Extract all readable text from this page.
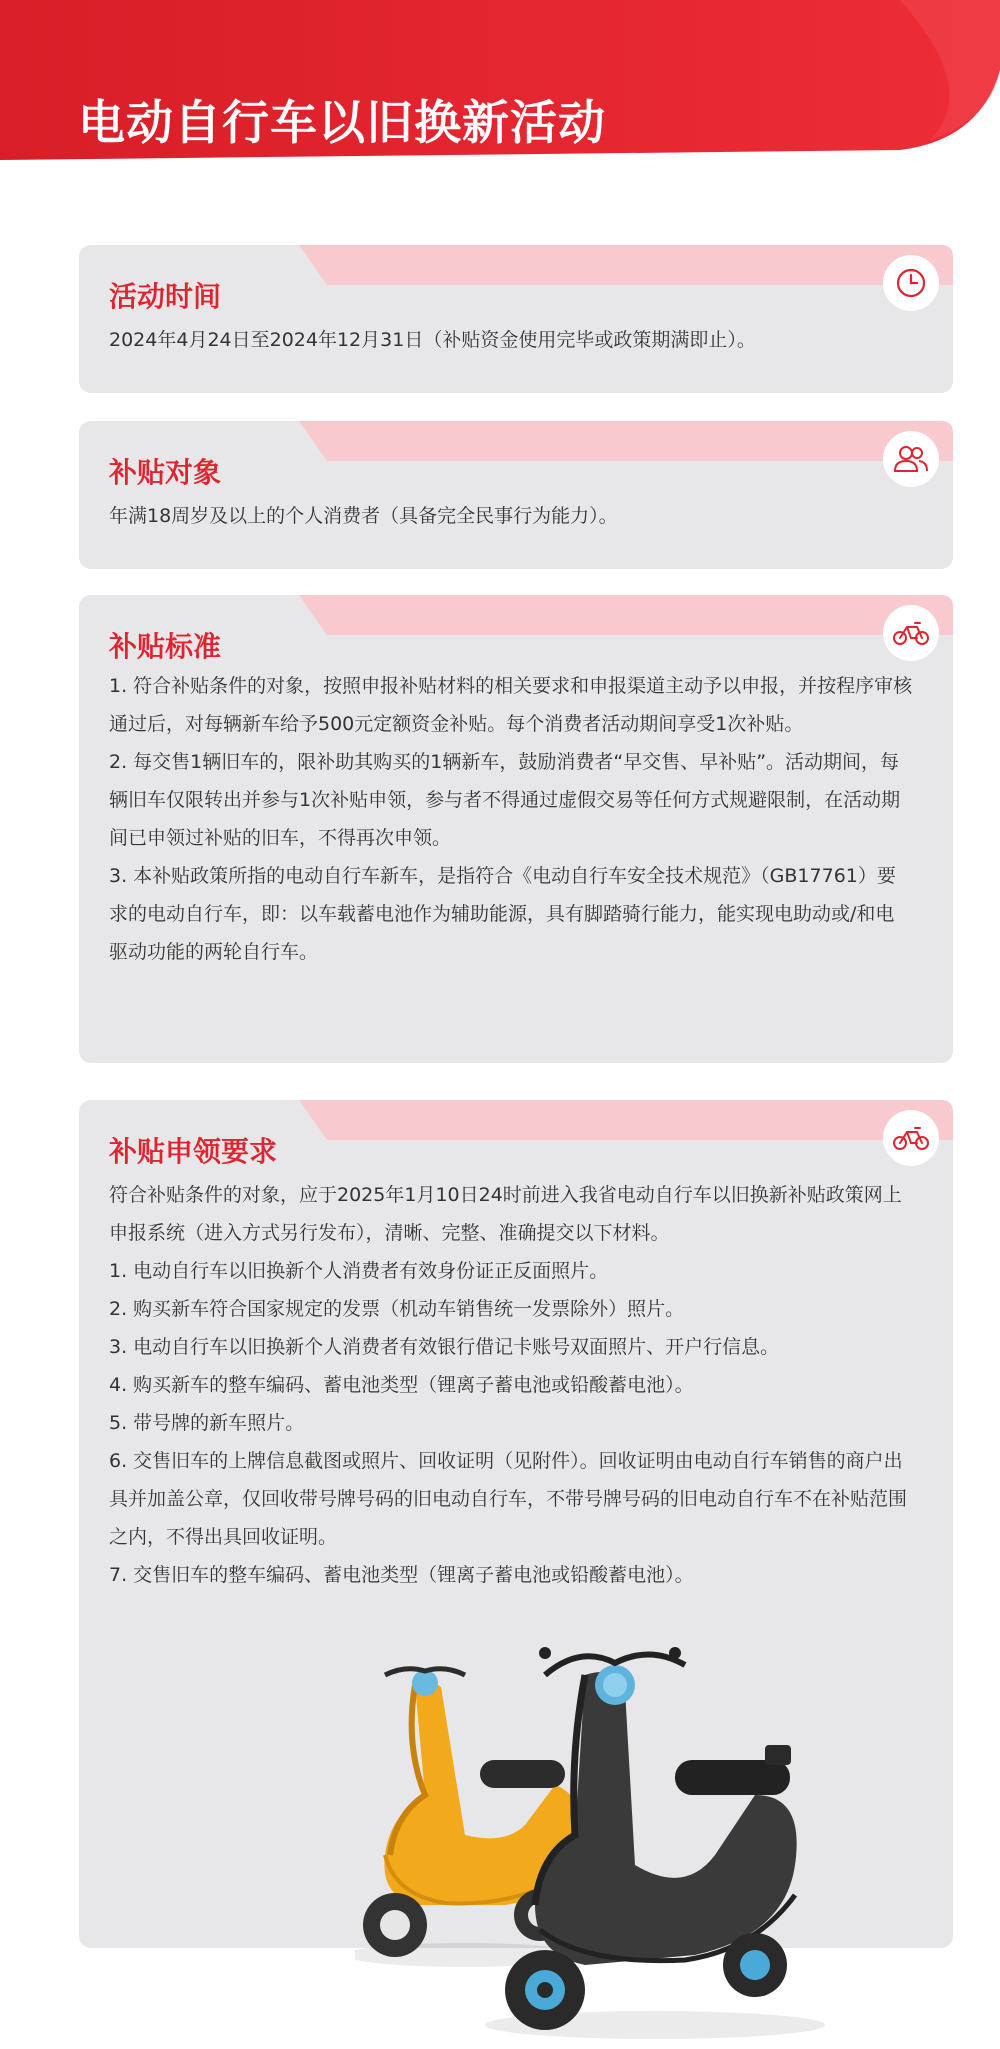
电动自行车以旧换新活动
活动时间

2024年4月24日至2024年12月31日（补贴资金使用完毕或政策期满即止）。

补贴对象

年满18周岁及以上的个人消费者（具备完全民事行为能力）。

补贴标准

1. 符合补贴条件的对象，按照申报补贴材料的相关要求和申报渠道主动予以申报，并按程序审核通过后，对每辆新车给予500元定额资金补贴。每个消费者活动期间享受1次补贴。

2. 每交售1辆旧车的，限补助其购买的1辆新车，鼓励消费者“早交售、早补贴”。活动期间，每辆旧车仅限转出并参与1次补贴申领，参与者不得通过虚假交易等任何方式规避限制，在活动期间已申领过补贴的旧车，不得再次申领。

3. 本补贴政策所指的电动自行车新车，是指符合《电动自行车安全技术规范》（GB17761）要求的电动自行车，即：以车载蓄电池作为辅助能源，具有脚踏骑行能力，能实现电助动或/和电驱动功能的两轮自行车。

补贴申领要求

符合补贴条件的对象，应于2025年1月10日24时前进入我省电动自行车以旧换新补贴政策网上申报系统（进入方式另行发布），清晰、完整、准确提交以下材料。

1. 电动自行车以旧换新个人消费者有效身份证正反面照片。

2. 购买新车符合国家规定的发票（机动车销售统一发票除外）照片。

3. 电动自行车以旧换新个人消费者有效银行借记卡账号双面照片、开户行信息。

4. 购买新车的整车编码、蓄电池类型（锂离子蓄电池或铅酸蓄电池）。

5. 带号牌的新车照片。

6. 交售旧车的上牌信息截图或照片、回收证明（见附件）。回收证明由电动自行车销售的商户出具并加盖公章，仅回收带号牌号码的旧电动自行车，不带号牌号码的旧电动自行车不在补贴范围之内，不得出具回收证明。

7. 交售旧车的整车编码、蓄电池类型（锂离子蓄电池或铅酸蓄电池）。
